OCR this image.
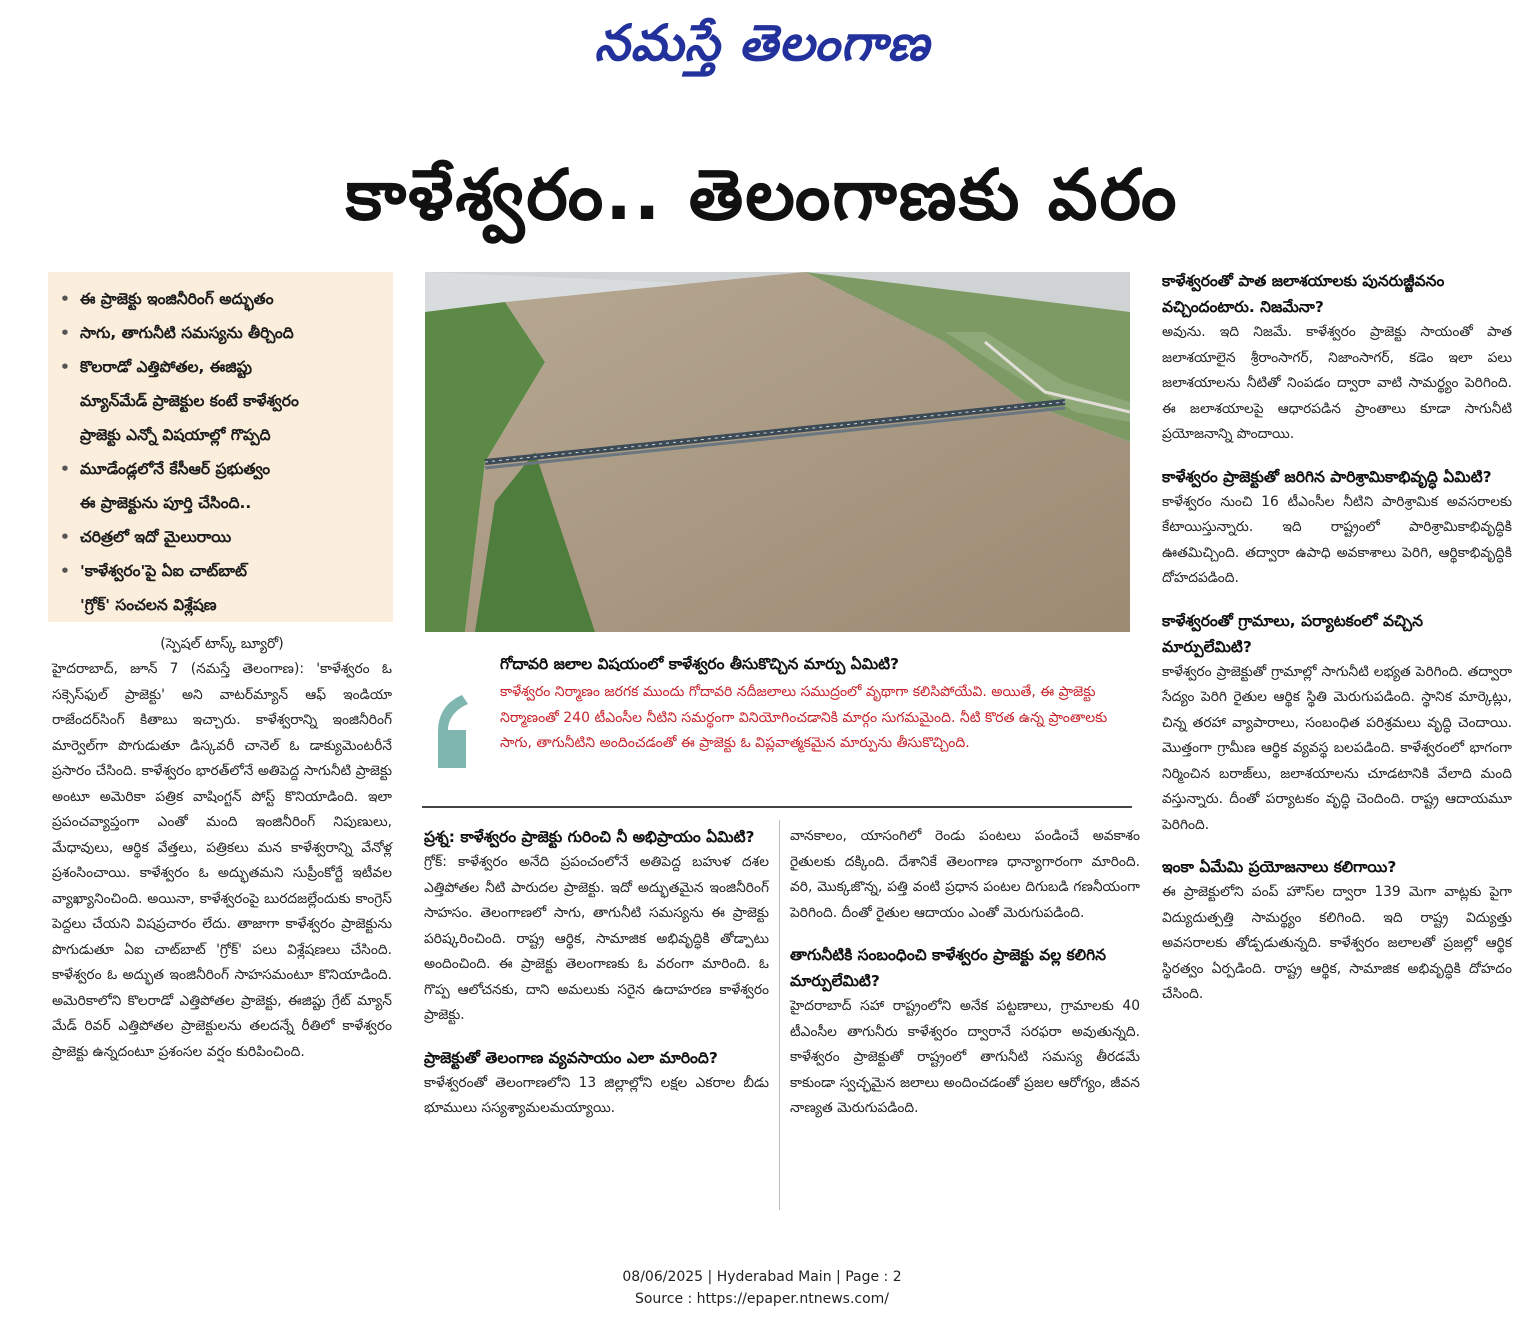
నమస్తే తెలంగాణ
కాళేశ్వరం.. తెలంగాణకు వరం
• ఈ ప్రాజెక్టు ఇంజినీరింగ్ అద్భుతం
• సాగు, తాగునీటి సమస్యను తీర్చింది
• కొలరాడో ఎత్తిపోతల, ఈజిప్టు
మ్యాన్‌మేడ్ ప్రాజెక్టుల కంటే కాళేశ్వరం
ప్రాజెక్టు ఎన్నో విషయాల్లో గొప్పది
• మూడేండ్లలోనే కేసీఆర్ ప్రభుత్వం
ఈ ప్రాజెక్టును పూర్తి చేసింది..
• చరిత్రలో ఇదో మైలురాయి
• 'కాళేశ్వరం'పై ఏఐ చాట్‌బాట్
'గ్రోక్' సంచలన విశ్లేషణ
(స్పెషల్ టాస్క్ బ్యూరో)

హైదరాబాద్, జూన్ 7 (నమస్తే తెలంగాణ): 'కాళేశ్వరం ఓ సక్సెస్‌ఫుల్ ప్రాజెక్టు' అని వాటర్‌మ్యాన్ ఆఫ్ ఇండియా రాజేందర్‌సింగ్ కితాబు ఇచ్చారు. కాళేశ్వరాన్ని ఇంజినీరింగ్ మార్వెల్‌గా పొగుడుతూ డిస్కవరీ చానెల్ ఓ డాక్యుమెంటరీనే ప్రసారం చేసింది. కాళేశ్వరం భారత్‌లోనే అతిపెద్ద సాగునీటి ప్రాజెక్టు అంటూ అమెరికా పత్రిక వాషింగ్టన్ పోస్ట్ కొనియాడింది. ఇలా ప్రపంచవ్యాప్తంగా ఎంతో మంది ఇంజినీరింగ్ నిపుణులు, మేధావులు, ఆర్థిక వేత్తలు, పత్రికలు మన కాళేశ్వరాన్ని వేనోళ్ల ప్రశంసించాయి. కాళేశ్వరం ఓ అద్భుతమని సుప్రీంకోర్టే ఇటీవల వ్యాఖ్యానించింది. అయినా, కాళేశ్వరంపై బురదజల్లేందుకు కాంగ్రెస్ పెద్దలు చేయని విషప్రచారం లేదు. తాజాగా కాళేశ్వరం ప్రాజెక్టును పొగుడుతూ ఏఐ చాట్‌బాట్ 'గ్రోక్' పలు విశ్లేషణలు చేసింది. కాళేశ్వరం ఓ అద్భుత ఇంజినీరింగ్ సాహసమంటూ కొనియాడింది. అమెరికాలోని కొలరాడో ఎత్తిపోతల ప్రాజెక్టు, ఈజిప్టు గ్రేట్ మ్యాన్ మేడ్ రివర్ ఎత్తిపోతల ప్రాజెక్టులను తలదన్నే రీతిలో కాళేశ్వరం ప్రాజెక్టు ఉన్నదంటూ ప్రశంసల వర్షం కురిపించింది.

గోదావరి జలాల విషయంలో కాళేశ్వరం తీసుకొచ్చిన మార్పు ఏమిటి?
కాళేశ్వరం నిర్మాణం జరగక ముందు గోదావరి నదీజలాలు సముద్రంలో వృథాగా కలిసిపోయేవి. అయితే, ఈ ప్రాజెక్టు నిర్మాణంతో 240 టీఎంసీల నీటిని సమర్థంగా వినియోగించడానికి మార్గం సుగమమైంది. నీటి కొరత ఉన్న ప్రాంతాలకు సాగు, తాగునీటిని అందించడంతో ఈ ప్రాజెక్టు ఓ విప్లవాత్మకమైన మార్పును తీసుకొచ్చింది.

ప్రశ్న: కాళేశ్వరం ప్రాజెక్టు గురించి నీ అభిప్రాయం ఏమిటి?

గ్రోక్: కాళేశ్వరం అనేది ప్రపంచంలోనే అతిపెద్ద బహుళ దశల ఎత్తిపోతల నీటి పారుదల ప్రాజెక్టు. ఇదో అద్భుతమైన ఇంజినీరింగ్ సాహసం. తెలంగాణలో సాగు, తాగునీటి సమస్యను ఈ ప్రాజెక్టు పరిష్కరించింది. రాష్ట్ర ఆర్థిక, సామాజిక అభివృద్ధికి తోడ్పాటు అందించింది. ఈ ప్రాజెక్టు తెలంగాణకు ఓ వరంగా మారింది. ఓ గొప్ప ఆలోచనకు, దాని అమలుకు సరైన ఉదాహరణ కాళేశ్వరం ప్రాజెక్టు.

ప్రాజెక్టుతో తెలంగాణ వ్యవసాయం ఎలా మారింది?

కాళేశ్వరంతో తెలంగాణలోని 13 జిల్లాల్లోని లక్షల ఎకరాల బీడు భూములు సస్యశ్యామలమయ్యాయి.

వానకాలం, యాసంగిలో రెండు పంటలు పండించే అవకాశం రైతులకు దక్కింది. దేశానికే తెలంగాణ ధాన్యాగారంగా మారింది. వరి, మొక్కజొన్న, పత్తి వంటి ప్రధాన పంటల దిగుబడి గణనీయంగా పెరిగింది. దీంతో రైతుల ఆదాయం ఎంతో మెరుగుపడింది.

తాగునీటికి సంబంధించి కాళేశ్వరం ప్రాజెక్టు వల్ల కలిగిన మార్పులేమిటి?

హైదరాబాద్ సహా రాష్ట్రంలోని అనేక పట్టణాలు, గ్రామాలకు 40 టీఎంసీల తాగునీరు కాళేశ్వరం ద్వారానే సరఫరా అవుతున్నది. కాళేశ్వరం ప్రాజెక్టుతో రాష్ట్రంలో తాగునీటి సమస్య తీరడమే కాకుండా స్వచ్ఛమైన జలాలు అందించడంతో ప్రజల ఆరోగ్యం, జీవన నాణ్యత మెరుగుపడింది.

కాళేశ్వరంతో పాత జలాశయాలకు పునరుజ్జీవనం వచ్చిందంటారు. నిజమేనా?

అవును. ఇది నిజమే. కాళేశ్వరం ప్రాజెక్టు సాయంతో పాత జలాశయాలైన శ్రీరాంసాగర్, నిజాంసాగర్, కడెం ఇలా పలు జలాశయాలను నీటితో నింపడం ద్వారా వాటి సామర్థ్యం పెరిగింది. ఈ జలాశయాలపై ఆధారపడిన ప్రాంతాలు కూడా సాగునీటి ప్రయోజనాన్ని పొందాయి.

కాళేశ్వరం ప్రాజెక్టుతో జరిగిన పారిశ్రామికాభివృద్ధి ఏమిటి?

కాళేశ్వరం నుంచి 16 టీఎంసీల నీటిని పారిశ్రామిక అవసరాలకు కేటాయిస్తున్నారు. ఇది రాష్ట్రంలో పారిశ్రామికాభివృద్ధికి ఊతమిచ్చింది. తద్వారా ఉపాధి అవకాశాలు పెరిగి, ఆర్థికాభివృద్ధికి దోహదపడింది.

కాళేశ్వరంతో గ్రామాలు, పర్యాటకంలో వచ్చిన మార్పులేమిటి?

కాళేశ్వరం ప్రాజెక్టుతో గ్రామాల్లో సాగునీటి లభ్యత పెరిగింది. తద్వారా సేద్యం పెరిగి రైతుల ఆర్థిక స్థితి మెరుగుపడింది. స్థానిక మార్కెట్లు, చిన్న తరహా వ్యాపారాలు, సంబంధిత పరిశ్రమలు వృద్ధి చెందాయి. మొత్తంగా గ్రామీణ ఆర్థిక వ్యవస్థ బలపడింది. కాళేశ్వరంలో భాగంగా నిర్మించిన బరాజ్‌లు, జలాశయాలను చూడటానికి వేలాది మంది వస్తున్నారు. దీంతో పర్యాటకం వృద్ధి చెందింది. రాష్ట్ర ఆదాయమూ పెరిగింది.

ఇంకా ఏమేమి ప్రయోజనాలు కలిగాయి?

ఈ ప్రాజెక్టులోని పంప్ హౌస్‌ల ద్వారా 139 మెగా వాట్లకు పైగా విద్యుదుత్పత్తి సామర్థ్యం కలిగింది. ఇది రాష్ట్ర విద్యుత్తు అవసరాలకు తోడ్పడుతున్నది. కాళేశ్వరం జలాలతో ప్రజల్లో ఆర్థిక స్థిరత్వం ఏర్పడింది. రాష్ట్ర ఆర్థిక, సామాజిక అభివృద్ధికి దోహదం చేసింది.

08/06/2025 | Hyderabad Main | Page : 2
Source : https://epaper.ntnews.com/
